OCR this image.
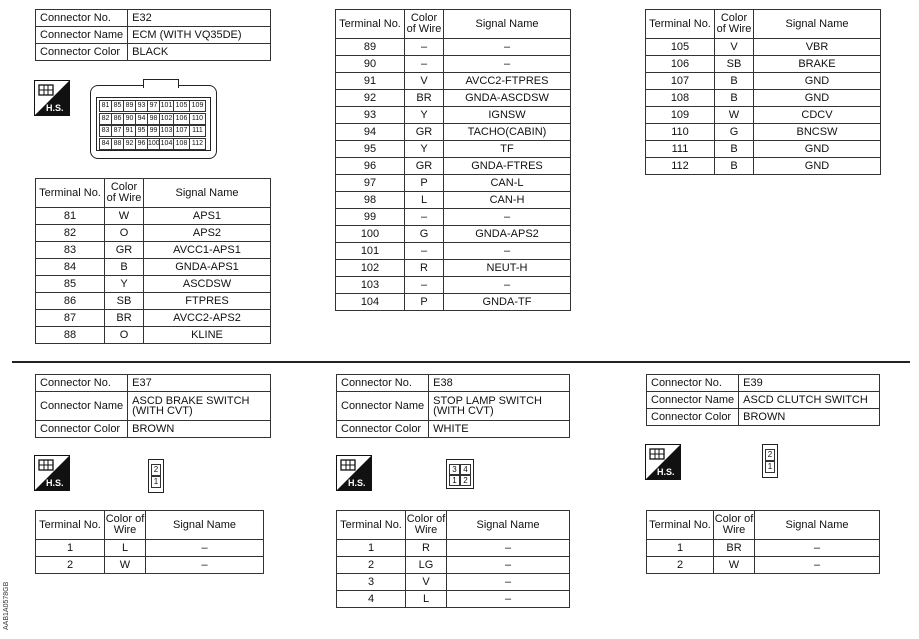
Connector No.	E32
Connector Name	ECM (WITH VQ35DE)
Connector Color	BLACK
H.S.	81 85 89 93 97 101 105 109
82 86 90 94 98 102 106 110
83 87 91 95 99 103 107 111
84 88 92 96 100 104 108 112
Terminal No.	Color of Wire	Signal Name
81	W	APS1
82	O	APS2
83	GR	AVCC1-APS1
84	B	GNDA-APS1
85	Y	ASCDSW
86	SB	FTPRES
87	BR	AVCC2-APS2
88	O	KLINE
Terminal No.	Color of Wire	Signal Name
89	–	–
90	–	–
91	V	AVCC2-FTPRES
92	BR	GNDA-ASCDSW
93	Y	IGNSW
94	GR	TACHO(CABIN)
95	Y	TF
96	GR	GNDA-FTRES
97	P	CAN-L
98	L	CAN-H
99	–	–
100	G	GNDA-APS2
101	–	–
102	R	NEUT-H
103	–	–
104	P	GNDA-TF
Terminal No.	Color of Wire	Signal Name
105	V	VBR
106	SB	BRAKE
107	B	GND
108	B	GND
109	W	CDCV
110	G	BNCSW
111	B	GND
112	B	GND
Connector No.	E37
Connector Name	ASCD BRAKE SWITCH (WITH CVT)
Connector Color	BROWN
H.S.
2
1
Terminal No.	Color of Wire	Signal Name
1	L	–
2	W	–
Connector No.	E38
Connector Name	STOP LAMP SWITCH (WITH CVT)
Connector Color	WHITE
H.S.
3 4
1 2
Terminal No.	Color of Wire	Signal Name
1	R	–
2	LG	–
3	V	–
4	L	–
Connector No.	E39
Connector Name	ASCD CLUTCH SWITCH
Connector Color	BROWN
H.S.
2
1
Terminal No.	Color of Wire	Signal Name
1	BR	–
2	W	–
AAB1A0578GB
